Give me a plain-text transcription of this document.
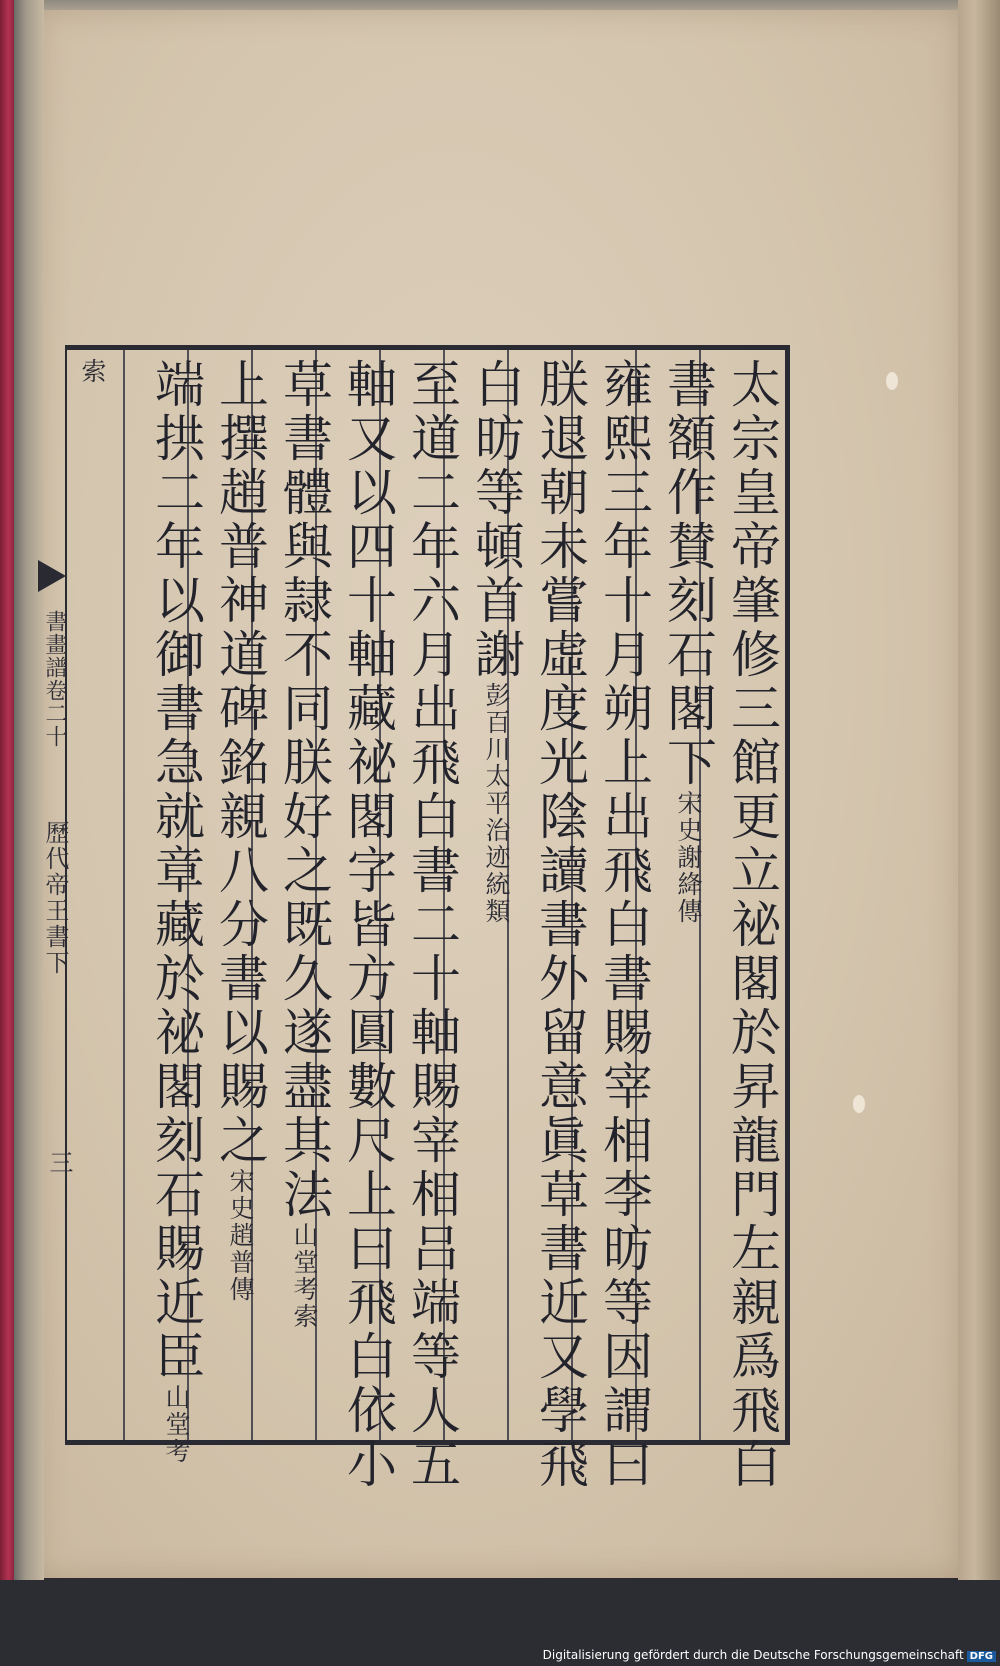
書畫譜卷二十
歷代帝王書下
三	太宗皇帝肇修三館更立祕閣於昇龍門左親爲飛白
書額作賛刻石閣下宋史謝絳傳
雍熙三年十月朔上出飛白書賜宰相李昉等因謂曰
朕退朝未嘗虛度光陰讀書外留意眞草書近又學飛
白昉等頓首謝彭百川太平治迹統類
至道二年六月出飛白書二十軸賜宰相吕端等人五
軸又以四十軸藏祕閣字皆方圓數尺上曰飛白依小
草書體與隷不同朕好之既久遂盡其法山堂考索
上撰趙普神道碑銘親八分書以賜之宋史趙普傳
端拱二年以御書急就章藏於祕閣刻石賜近臣山堂考
索
Digitalisierung gefördert durch die Deutsche Forschungsgemeinschaft DFG
